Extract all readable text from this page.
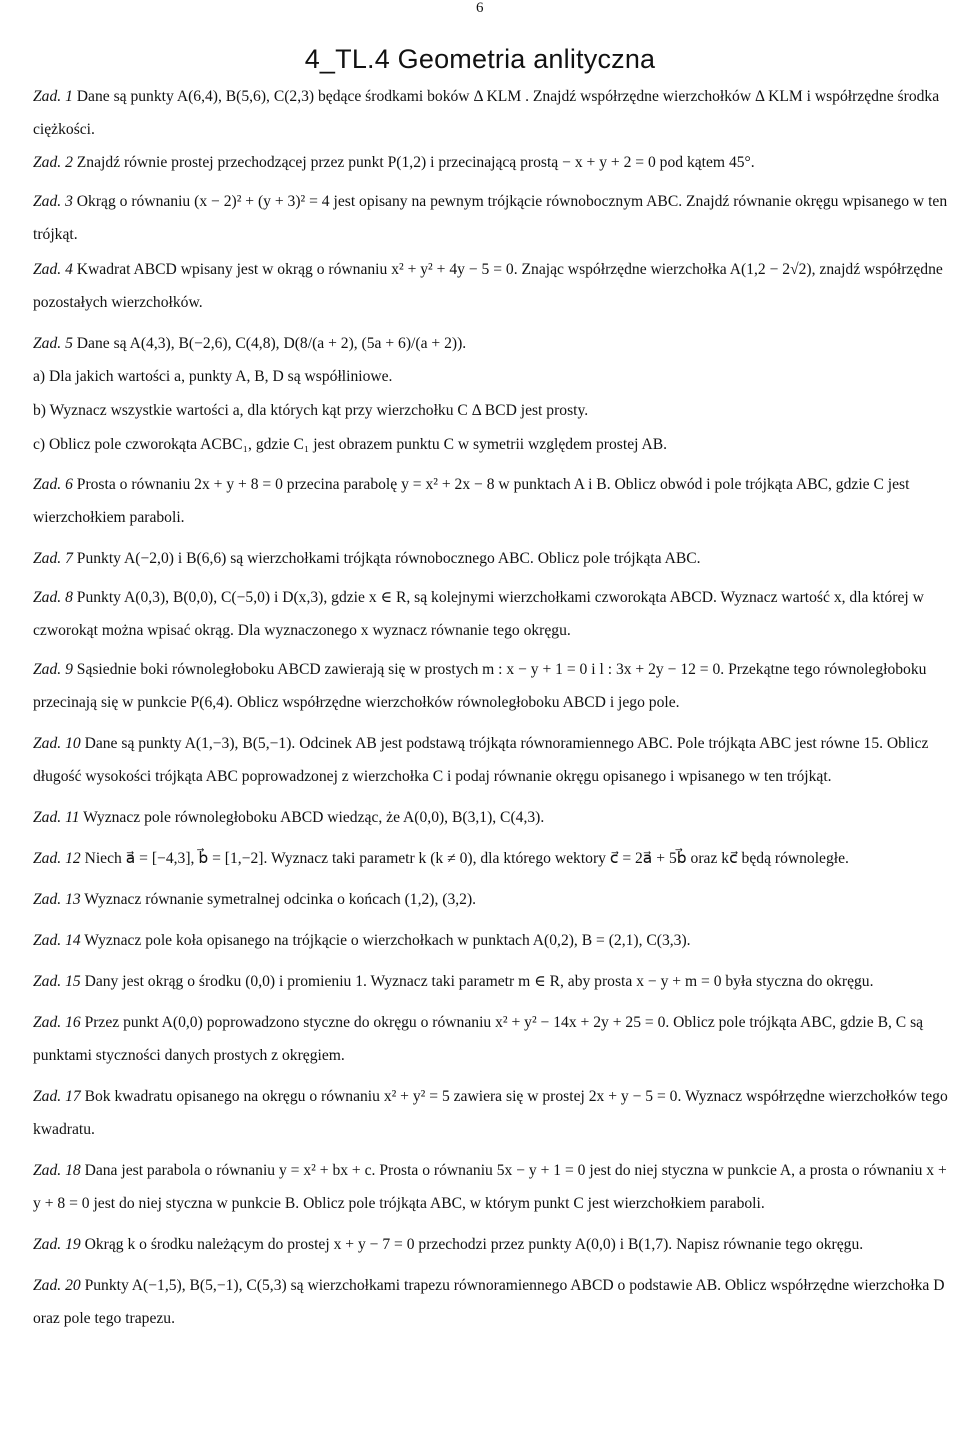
6
4_TL.4 Geometria anlityczna

Zad. 1 Dane są punkty A(6,4), B(5,6), C(2,3) będące środkami boków Δ KLM . Znajdź współrzędne wierzchołków Δ KLM i współrzędne środka ciężkości.

Zad. 2 Znajdź równie prostej przechodzącej przez punkt P(1,2) i przecinającą prostą − x + y + 2 = 0 pod kątem 45°.

Zad. 3 Okrąg o równaniu (x − 2)² + (y + 3)² = 4 jest opisany na pewnym trójkącie równobocznym ABC. Znajdź równanie okręgu wpisanego w ten trójkąt.

Zad. 4 Kwadrat ABCD wpisany jest w okrąg o równaniu x² + y² + 4y − 5 = 0. Znając współrzędne wierzchołka A(1,2 − 2√2), znajdź współrzędne pozostałych wierzchołków.

Zad. 5 Dane są A(4,3), B(−2,6), C(4,8), D(8/(a + 2), (5a + 6)/(a + 2)).

a) Dla jakich wartości a, punkty A, B, D są współliniowe.

b) Wyznacz wszystkie wartości a, dla których kąt przy wierzchołku C Δ BCD jest prosty.

c) Oblicz pole czworokąta ACBC₁, gdzie C₁ jest obrazem punktu C w symetrii względem prostej AB.

Zad. 6 Prosta o równaniu 2x + y + 8 = 0 przecina parabolę y = x² + 2x − 8 w punktach A i B. Oblicz obwód i pole trójkąta ABC, gdzie C jest wierzchołkiem paraboli.

Zad. 7 Punkty A(−2,0) i B(6,6) są wierzchołkami trójkąta równobocznego ABC. Oblicz pole trójkąta ABC.

Zad. 8 Punkty A(0,3), B(0,0), C(−5,0) i D(x,3), gdzie x ∈ R, są kolejnymi wierzchołkami czworokąta ABCD. Wyznacz wartość x, dla której w czworokąt można wpisać okrąg. Dla wyznaczonego x wyznacz równanie tego okręgu.

Zad. 9 Sąsiednie boki równoległoboku ABCD zawierają się w prostych m : x − y + 1 = 0 i l : 3x + 2y − 12 = 0. Przekątne tego równoległoboku przecinają się w punkcie P(6,4). Oblicz współrzędne wierzchołków równoległoboku ABCD i jego pole.

Zad. 10 Dane są punkty A(1,−3), B(5,−1). Odcinek AB jest podstawą trójkąta równoramiennego ABC. Pole trójkąta ABC jest równe 15. Oblicz długość wysokości trójkąta ABC poprowadzonej z wierzchołka C i podaj równanie okręgu opisanego i wpisanego w ten trójkąt.

Zad. 11 Wyznacz pole równoległoboku ABCD wiedząc, że A(0,0), B(3,1), C(4,3).

Zad. 12 Niech a⃗ = [−4,3], b⃗ = [1,−2]. Wyznacz taki parametr k (k ≠ 0), dla którego wektory c⃗ = 2a⃗ + 5b⃗ oraz kc⃗ będą równoległe.

Zad. 13 Wyznacz równanie symetralnej odcinka o końcach (1,2), (3,2).

Zad. 14 Wyznacz pole koła opisanego na trójkącie o wierzchołkach w punktach A(0,2), B = (2,1), C(3,3).

Zad. 15 Dany jest okrąg o środku (0,0) i promieniu 1. Wyznacz taki parametr m ∈ R, aby prosta x − y + m = 0 była styczna do okręgu.

Zad. 16 Przez punkt A(0,0) poprowadzono styczne do okręgu o równaniu x² + y² − 14x + 2y + 25 = 0. Oblicz pole trójkąta ABC, gdzie B, C są punktami styczności danych prostych z okręgiem.

Zad. 17 Bok kwadratu opisanego na okręgu o równaniu x² + y² = 5 zawiera się w prostej 2x + y − 5 = 0. Wyznacz współrzędne wierzchołków tego kwadratu.

Zad. 18 Dana jest parabola o równaniu y = x² + bx + c. Prosta o równaniu 5x − y + 1 = 0 jest do niej styczna w punkcie A, a prosta o równaniu x + y + 8 = 0 jest do niej styczna w punkcie B. Oblicz pole trójkąta ABC, w którym punkt C jest wierzchołkiem paraboli.

Zad. 19 Okrąg k o środku należącym do prostej x + y − 7 = 0 przechodzi przez punkty A(0,0) i B(1,7). Napisz równanie tego okręgu.

Zad. 20 Punkty A(−1,5), B(5,−1), C(5,3) są wierzchołkami trapezu równoramiennego ABCD o podstawie AB. Oblicz współrzędne wierzchołka D oraz pole tego trapezu.
